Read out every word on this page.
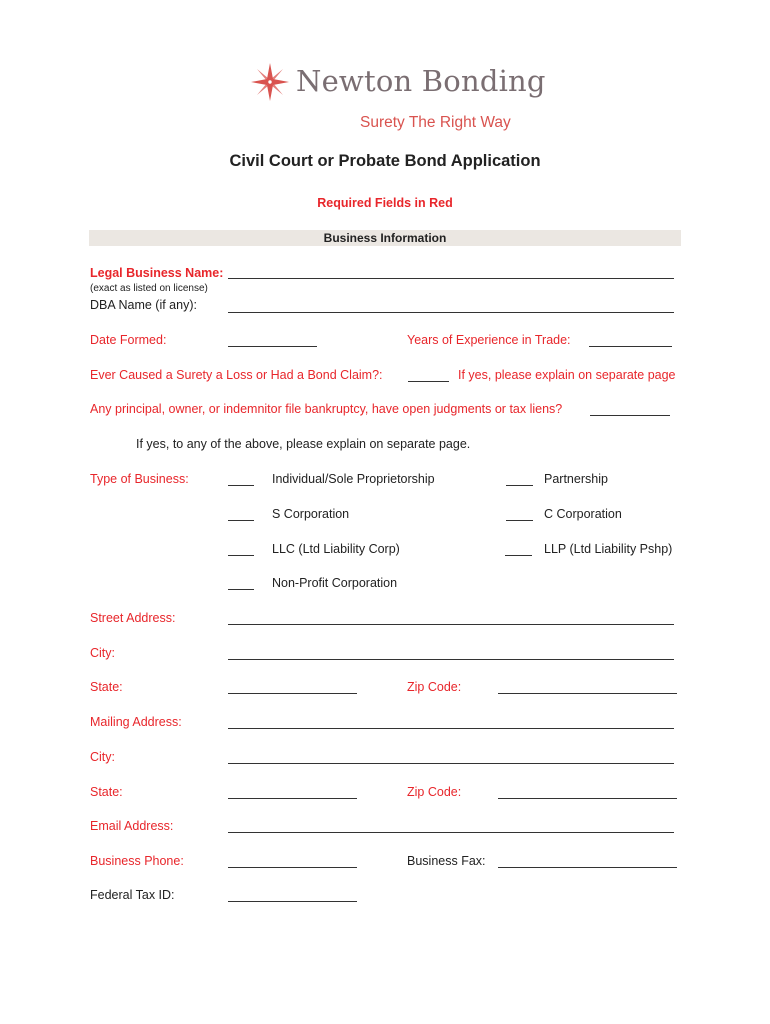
Newton Bonding
Surety The Right Way
Civil Court or Probate Bond Application
Required Fields in Red
Business Information
Legal Business Name:
(exact as listed on license)
DBA Name (if any):
Date Formed:	Years of Experience in Trade:
Ever Caused a Surety a Loss or Had a Bond Claim?:	If yes, please explain on separate page
Any principal, owner, or indemnitor file bankruptcy, have open judgments or tax liens?
If yes, to any of the above, please explain on separate page.
Type of Business:	Individual/Sole Proprietorship	Partnership
S Corporation	C Corporation
LLC (Ltd Liability Corp)	LLP (Ltd Liability Pshp)
Non-Profit Corporation
Street Address:
City:
State:	Zip Code:
Mailing Address:
City:
State:	Zip Code:
Email Address:
Business Phone:	Business Fax:
Federal Tax ID:
